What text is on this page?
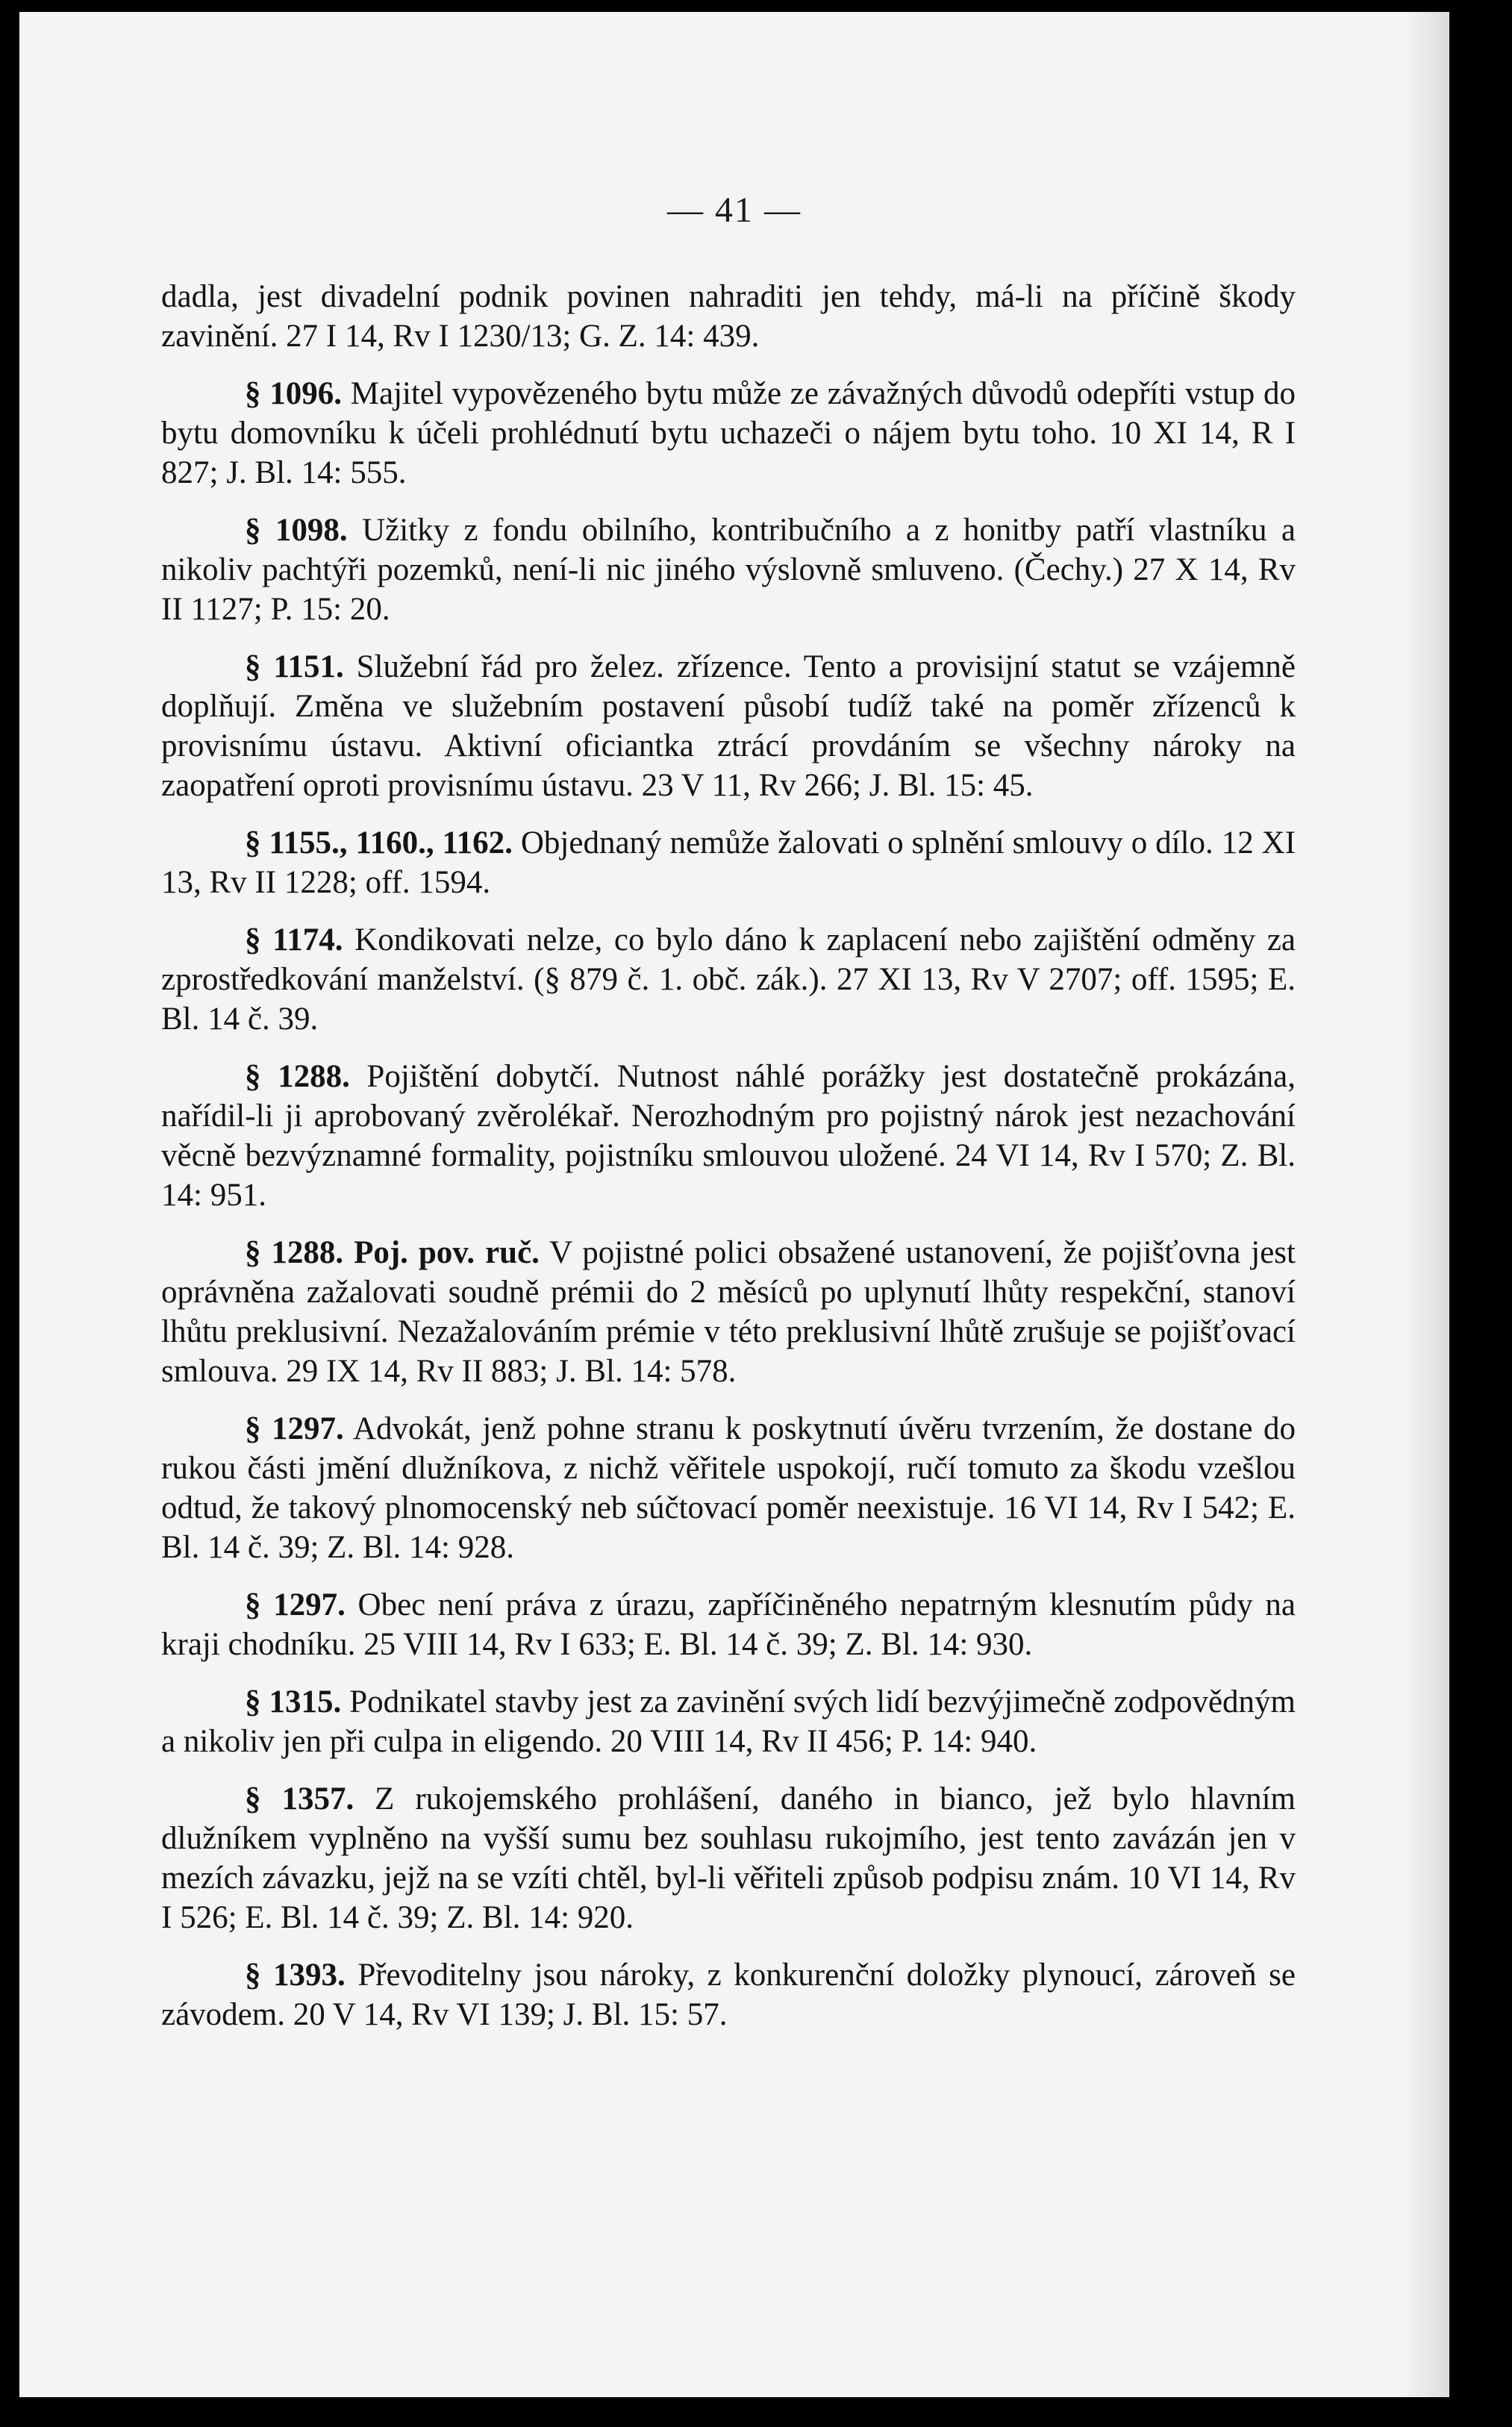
— 41 —

dadla, jest divadelní podnik povinen nahraditi jen tehdy, má-li na příčině škody zavinění. 27 I 14, Rv I 1230/13; G. Z. 14: 439.

§ 1096. Majitel vypovězeného bytu může ze závažných důvodů odepříti vstup do bytu domovníku k účeli prohlédnutí bytu uchazeči o nájem bytu toho. 10 XI 14, R I 827; J. Bl. 14: 555.

§ 1098. Užitky z fondu obilního, kontribučního a z honitby patří vlastníku a nikoliv pachtýři pozemků, není-li nic jiného výslovně smluveno. (Čechy.) 27 X 14, Rv II 1127; P. 15: 20.

§ 1151. Služební řád pro želez. zřízence. Tento a provisijní statut se vzájemně doplňují. Změna ve služebním postavení působí tudíž také na poměr zřízenců k provisnímu ústavu. Aktivní oficiantka ztrácí provdáním se všechny nároky na zaopatření oproti provisnímu ústavu. 23 V 11, Rv 266; J. Bl. 15: 45.

§ 1155., 1160., 1162. Objednaný nemůže žalovati o splnění smlouvy o dílo. 12 XI 13, Rv II 1228; off. 1594.

§ 1174. Kondikovati nelze, co bylo dáno k zaplacení nebo zajištění odměny za zprostředkování manželství. (§ 879 č. 1. obč. zák.). 27 XI 13, Rv V 2707; off. 1595; E. Bl. 14 č. 39.

§ 1288. Pojištění dobytčí. Nutnost náhlé porážky jest dostatečně prokázána, nařídil-li ji aprobovaný zvěrolékař. Nerozhodným pro pojistný nárok jest nezachování věcně bezvýznamné formality, pojistníku smlouvou uložené. 24 VI 14, Rv I 570; Z. Bl. 14: 951.

§ 1288. Poj. pov. ruč. V pojistné polici obsažené ustanovení, že pojišťovna jest oprávněna zažalovati soudně prémii do 2 měsíců po uplynutí lhůty respekční, stanoví lhůtu preklusivní. Nezažalováním prémie v této preklusivní lhůtě zrušuje se pojišťovací smlouva. 29 IX 14, Rv II 883; J. Bl. 14: 578.

§ 1297. Advokát, jenž pohne stranu k poskytnutí úvěru tvrzením, že dostane do rukou části jmění dlužníkova, z nichž věřitele uspokojí, ručí tomuto za škodu vzešlou odtud, že takový plnomocenský neb súčtovací poměr neexistuje. 16 VI 14, Rv I 542; E. Bl. 14 č. 39; Z. Bl. 14: 928.

§ 1297. Obec není práva z úrazu, zapříčiněného nepatrným klesnutím půdy na kraji chodníku. 25 VIII 14, Rv I 633; E. Bl. 14 č. 39; Z. Bl. 14: 930.

§ 1315. Podnikatel stavby jest za zavinění svých lidí bezvýjimečně zodpovědným a nikoliv jen při culpa in eligendo. 20 VIII 14, Rv II 456; P. 14: 940.

§ 1357. Z rukojemského prohlášení, daného in bianco, jež bylo hlavním dlužníkem vyplněno na vyšší sumu bez souhlasu rukojmího, jest tento zavázán jen v mezích závazku, jejž na se vzíti chtěl, byl-li věřiteli způsob podpisu znám. 10 VI 14, Rv I 526; E. Bl. 14 č. 39; Z. Bl. 14: 920.

§ 1393. Převoditelny jsou nároky, z konkurenční doložky plynoucí, zároveň se závodem. 20 V 14, Rv VI 139; J. Bl. 15: 57.
